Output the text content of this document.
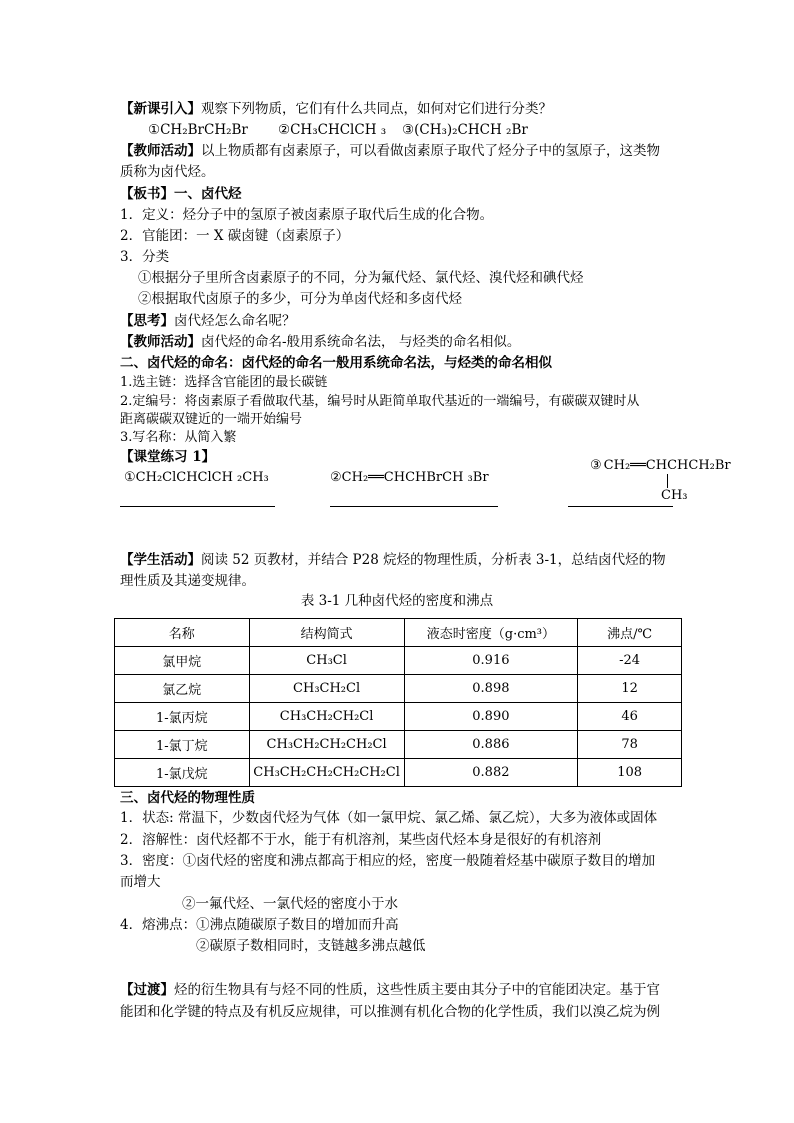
【新课引入】观察下列物质，它们有什么共同点，如何对它们进行分类？
①CH₂BrCH₂Br ②CH₃CHClCH ₃ ③(CH₃)₂CHCH ₂Br
【教师活动】以上物质都有卤素原子，可以看做卤素原子取代了烃分子中的氢原子，这类物
质称为卤代烃。
【板书】一、卤代烃
1．定义：烃分子中的氢原子被卤素原子取代后生成的化合物。
2．官能团：一 X 碳卤键（卤素原子）
3．分类
①根据分子里所含卤素原子的不同，分为氟代烃、氯代烃、溴代烃和碘代烃
②根据取代卤原子的多少，可分为单卤代烃和多卤代烃
【思考】卤代烃怎么命名呢？
【教师活动】卤代烃的命名-般用系统命名法， 与烃类的命名相似。
二、卤代烃的命名：卤代烃的命名一般用系统命名法，与烃类的命名相似
1.选主链：选择含官能团的最长碳链
2.定编号：将卤素原子看做取代基，编号时从距简单取代基近的一端编号，有碳碳双键时从
距离碳碳双键近的一端开始编号
3.写名称：从简入繁
【课堂练习 1】
①CH₂ClCHClCH ₂CH₃	②CH₂══CHCHBrCH ₃Br
③ CH₂══CHCHCH₂Br
CH₃
【学生活动】阅读 52 页教材，并结合 P28 烷烃的物理性质，分析表 3-1，总结卤代烃的物
理性质及其递变规律。
表 3-1 几种卤代烃的密度和沸点
名称	结构简式	液态时密度（g·cm³）	沸点/℃
氯甲烷	CH₃Cl	0.916	-24
氯乙烷	CH₃CH₂Cl	0.898	12
1-氯丙烷	CH₃CH₂CH₂Cl	0.890	46
1-氯丁烷	CH₃CH₂CH₂CH₂Cl	0.886	78
1-氯戊烷	CH₃CH₂CH₂CH₂CH₂Cl	0.882	108
三、卤代烃的物理性质
1．状态: 常温下，少数卤代烃为气体（如一氯甲烷、氯乙烯、氯乙烷），大多为液体或固体
2．溶解性：卤代烃都不于水，能于有机溶剂，某些卤代烃本身是很好的有机溶剂
3．密度：①卤代烃的密度和沸点都高于相应的烃，密度一般随着烃基中碳原子数目的增加
而增大
②一氟代烃、一氯代烃的密度小于水
4．熔沸点：①沸点随碳原子数目的增加而升高
②碳原子数相同时，支链越多沸点越低
【过渡】烃的衍生物具有与烃不同的性质，这些性质主要由其分子中的官能团决定。基于官
能团和化学键的特点及有机反应规律，可以推测有机化合物的化学性质，我们以溴乙烷为例
